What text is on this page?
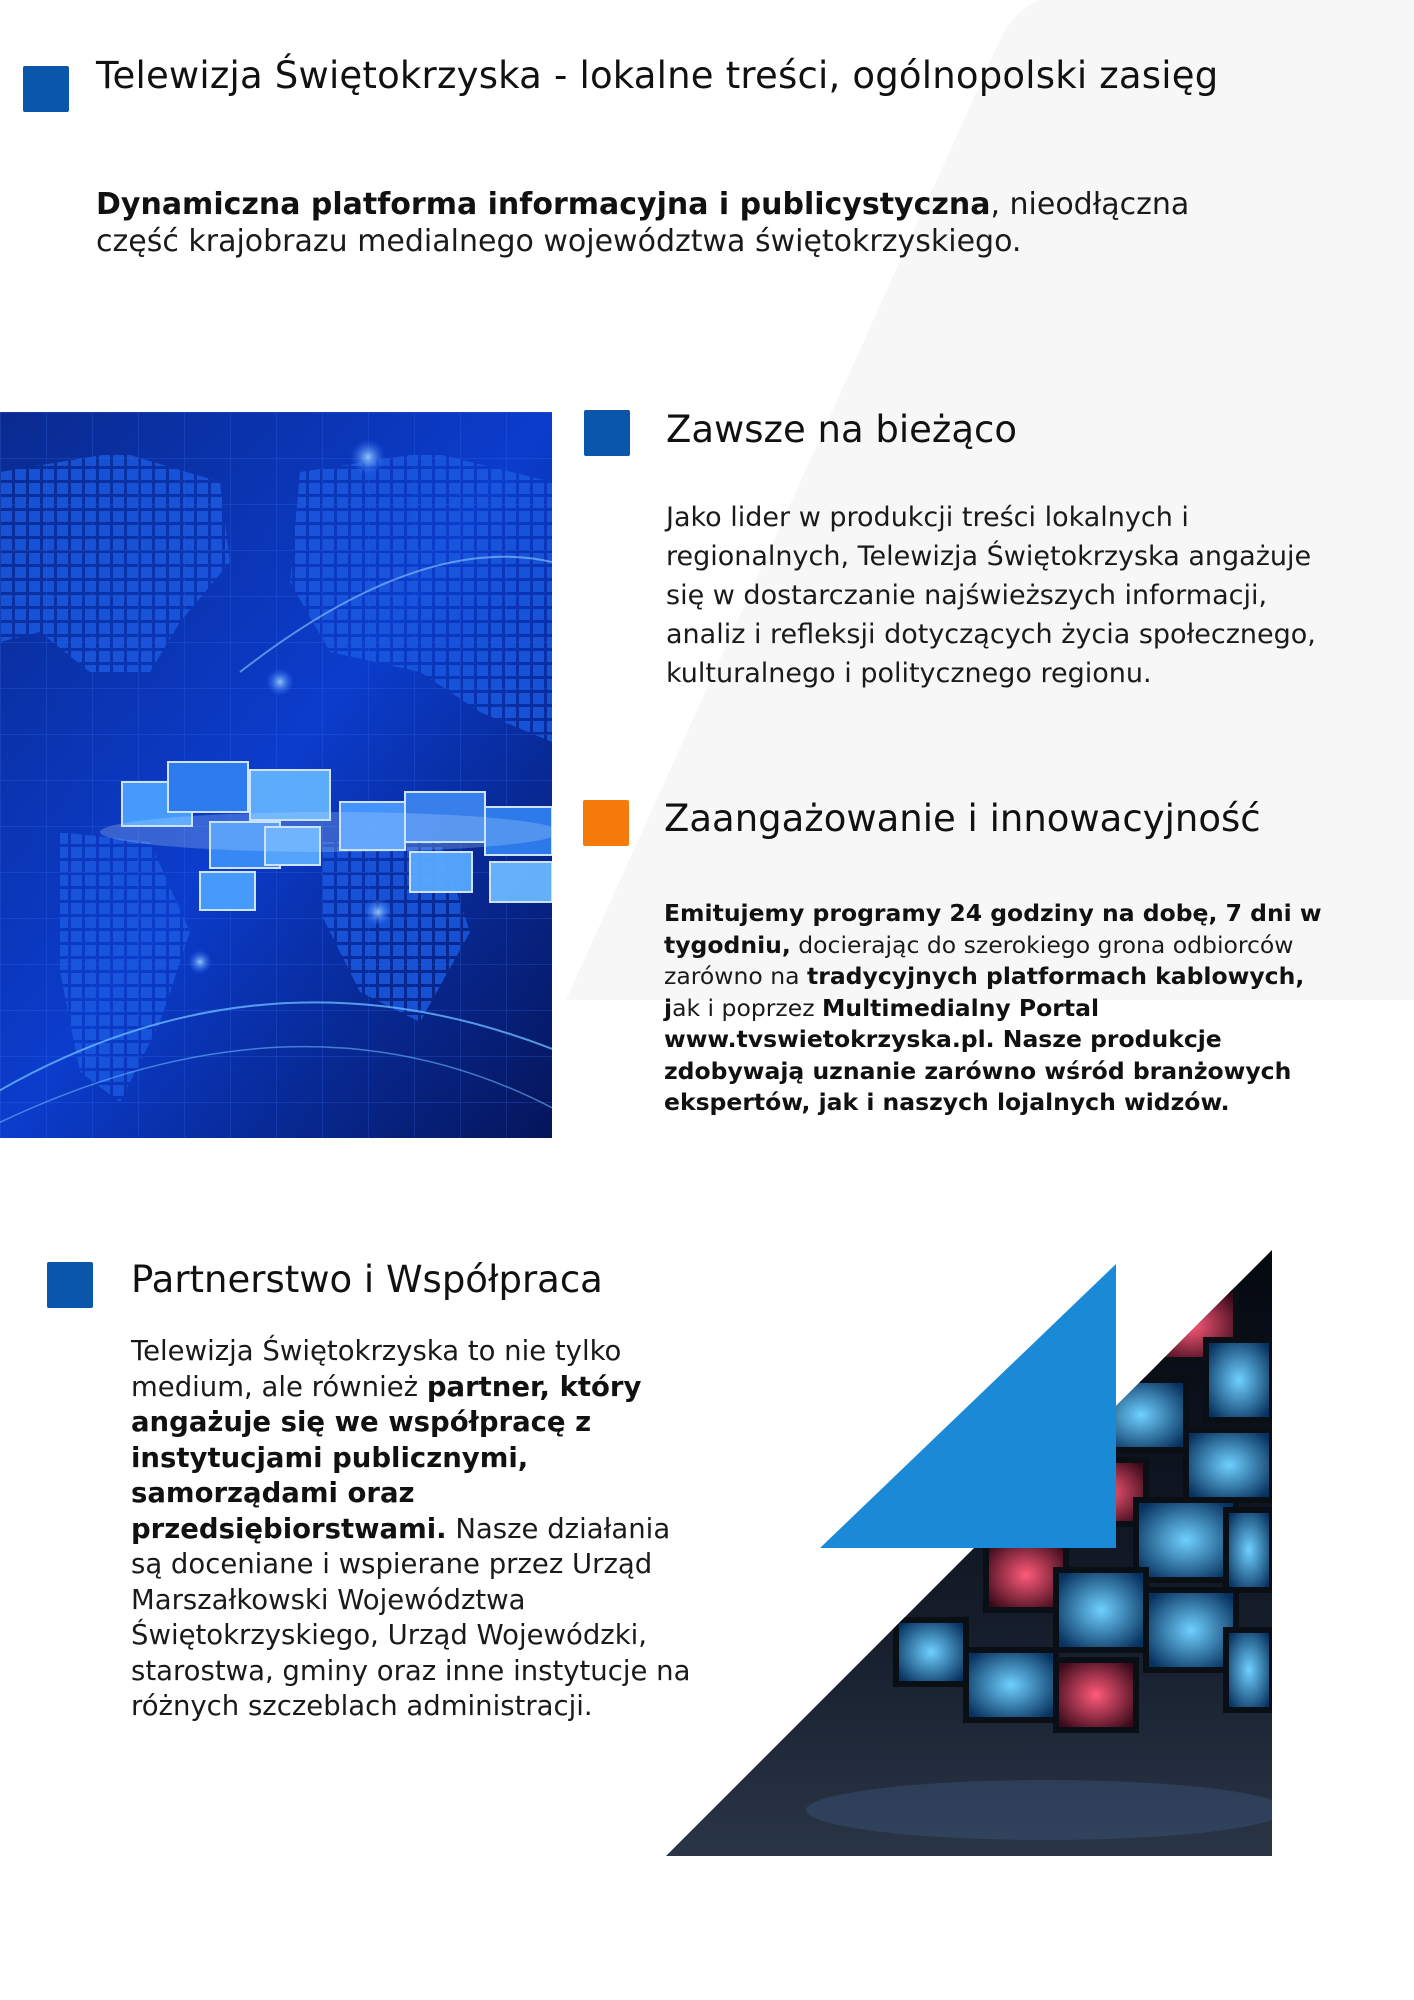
Telewizja Świętokrzyska - lokalne treści, ogólnopolski zasięg

Dynamiczna platforma informacyjna i publicystyczna, nieodłączna część krajobrazu medialnego województwa świętokrzyskiego.

Zawsze na bieżąco

Jako lider w produkcji treści lokalnych i regionalnych, Telewizja Świętokrzyska angażuje się w dostarczanie najświeższych informacji, analiz i refleksji dotyczących życia społecznego, kulturalnego i politycznego regionu.

Zaangażowanie i innowacyjność

Emitujemy programy 24 godziny na dobę, 7 dni w tygodniu, docierając do szerokiego grona odbiorców zarówno na tradycyjnych platformach kablowych, jak i poprzez Multimedialny Portal www.tvswietokrzyska.pl. Nasze produkcje zdobywają uznanie zarówno wśród branżowych ekspertów, jak i naszych lojalnych widzów.

Partnerstwo i Współpraca

Telewizja Świętokrzyska to nie tylko medium, ale również partner, który angażuje się we współpracę z instytucjami publicznymi, samorządami oraz przedsiębiorstwami. Nasze działania są doceniane i wspierane przez Urząd Marszałkowski Województwa Świętokrzyskiego, Urząd Wojewódzki, starostwa, gminy oraz inne instytucje na różnych szczeblach administracji.
